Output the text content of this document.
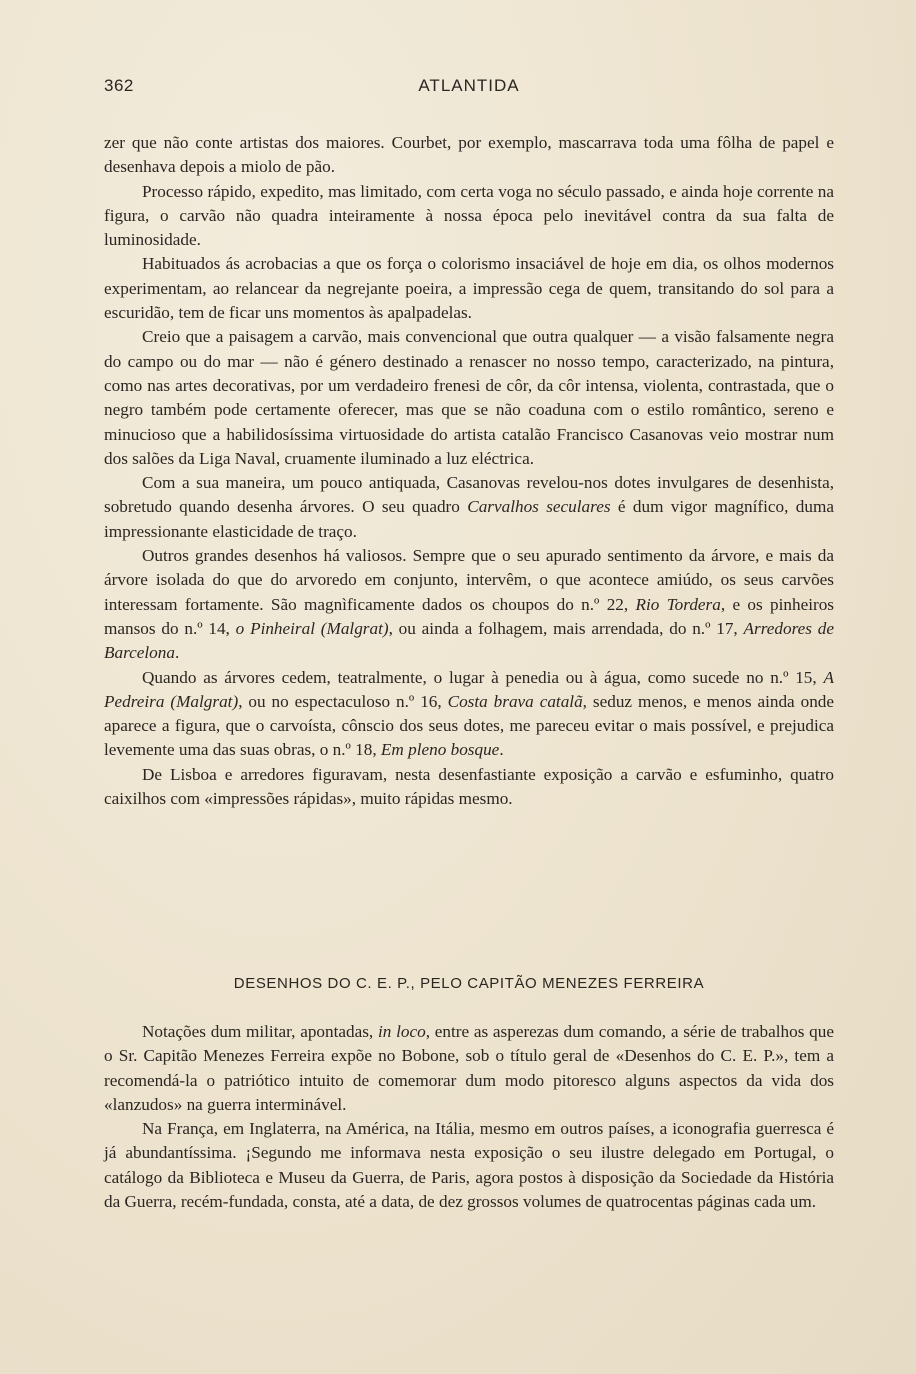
362	ATLANTIDA

zer que não conte artistas dos maiores. Courbet, por exemplo, mascarrava toda uma fôlha de papel e desenhava depois a miolo de pão.

Processo rápido, expedito, mas limitado, com certa voga no século passado, e ainda hoje corrente na figura, o carvão não quadra inteiramente à nossa época pelo inevitável contra da sua falta de luminosidade.

Habituados ás acrobacias a que os força o colorismo insaciável de hoje em dia, os olhos modernos experimentam, ao relancear da negrejante poeira, a impressão cega de quem, transitando do sol para a escuridão, tem de ficar uns momentos às apalpadelas.

Creio que a paisagem a carvão, mais convencional que outra qualquer — a visão falsamente negra do campo ou do mar — não é género destinado a renascer no nosso tempo, caracterizado, na pintura, como nas artes decorativas, por um verdadeiro frenesi de côr, da côr intensa, violenta, contrastada, que o negro também pode certamente oferecer, mas que se não coaduna com o estilo romântico, sereno e minucioso que a habilidosíssima virtuosidade do artista catalão Francisco Casanovas veio mostrar num dos salões da Liga Naval, cruamente iluminado a luz eléctrica.

Com a sua maneira, um pouco antiquada, Casanovas revelou-nos dotes invulgares de desenhista, sobretudo quando desenha árvores. O seu quadro Carvalhos seculares é dum vigor magnífico, duma impressionante elasticidade de traço.

Outros grandes desenhos há valiosos. Sempre que o seu apurado sentimento da árvore, e mais da árvore isolada do que do arvoredo em conjunto, intervêm, o que acontece amiúdo, os seus carvões interessam fortamente. São magnìficamente dados os choupos do n.º 22, Rio Tordera, e os pinheiros mansos do n.º 14, o Pinheiral (Malgrat), ou ainda a folhagem, mais arrendada, do n.º 17, Arredores de Barcelona.

Quando as árvores cedem, teatralmente, o lugar à penedia ou à água, como sucede no n.º 15, A Pedreira (Malgrat), ou no espectaculoso n.º 16, Costa brava catalã, seduz menos, e menos ainda onde aparece a figura, que o carvoísta, cônscio dos seus dotes, me pareceu evitar o mais possível, e prejudica levemente uma das suas obras, o n.º 18, Em pleno bosque.

De Lisboa e arredores figuravam, nesta desenfastiante exposição a carvão e esfuminho, quatro caixilhos com «impressões rápidas», muito rápidas mesmo.

DESENHOS DO C. E. P., PELO CAPITÃO MENEZES FERREIRA

Notações dum militar, apontadas, in loco, entre as asperezas dum comando, a série de trabalhos que o Sr. Capitão Menezes Ferreira expõe no Bobone, sob o título geral de «Desenhos do C. E. P.», tem a recomendá-la o patriótico intuito de comemorar dum modo pitoresco alguns aspectos da vida dos «lanzudos» na guerra interminável.

Na França, em Inglaterra, na América, na Itália, mesmo em outros países, a iconografia guerresca é já abundantíssima. ¡Segundo me informava nesta exposição o seu ilustre delegado em Portugal, o catálogo da Biblioteca e Museu da Guerra, de Paris, agora postos à disposição da Sociedade da História da Guerra, recém-fundada, consta, até a data, de dez grossos volumes de quatrocentas páginas cada um.
